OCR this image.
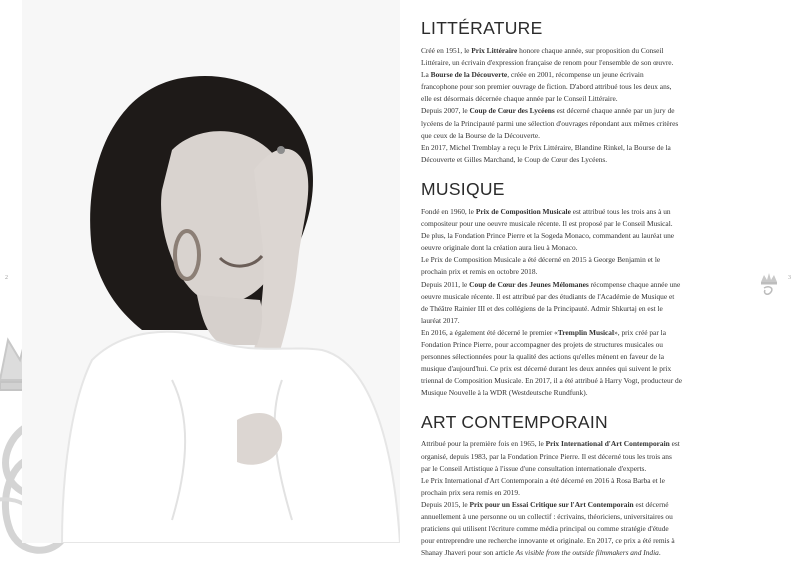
2	3
LITTÉRATURE

Créé en 1951, le Prix Littéraire honore chaque année, sur proposition du Conseil Littéraire, un écrivain d'expression française de renom pour l'ensemble de son œuvre.

La Bourse de la Découverte, créée en 2001, récompense un jeune écrivain francophone pour son premier ouvrage de fiction. D'abord attribué tous les deux ans, elle est désormais décernée chaque année par le Conseil Littéraire.

Depuis 2007, le Coup de Cœur des Lycéens est décerné chaque année par un jury de lycéens de la Principauté parmi une sélection d'ouvrages répondant aux mêmes critères que ceux de la Bourse de la Découverte.

En 2017, Michel Tremblay a reçu le Prix Littéraire, Blandine Rinkel, la Bourse de la Découverte et Gilles Marchand, le Coup de Cœur des Lycéens.

MUSIQUE

Fondé en 1960, le Prix de Composition Musicale est attribué tous les trois ans à un compositeur pour une oeuvre musicale récente. Il est proposé par le Conseil Musical. De plus, la Fondation Prince Pierre et la Sogeda Monaco, commandent au lauréat une oeuvre originale dont la création aura lieu à Monaco.

Le Prix de Composition Musicale a été décerné en 2015 à George Benjamin et le prochain prix et remis en octobre 2018.

Depuis 2011, le Coup de Cœur des Jeunes Mélomanes récompense chaque année une oeuvre musicale récente. Il est attribué par des étudiants de l'Académie de Musique et de Théâtre Rainier III et des collégiens de la Principauté. Admir Shkurtaj en est le lauréat 2017.

En 2016, a également été décerné le premier «Tremplin Musical», prix créé par la Fondation Prince Pierre, pour accompagner des projets de structures musicales ou personnes sélectionnées pour la qualité des actions qu'elles mènent en faveur de la musique d'aujourd'hui. Ce prix est décerné durant les deux années qui suivent le prix triennal de Composition Musicale. En 2017, il a été attribué à Harry Vogt, producteur de Musique Nouvelle à la WDR (Westdeutsche Rundfunk).

ART CONTEMPORAIN

Attribué pour la première fois en 1965, le Prix International d'Art Contemporain est organisé, depuis 1983, par la Fondation Prince Pierre. Il est décerné tous les trois ans par le Conseil Artistique à l'issue d'une consultation internationale d'experts.

Le Prix International d'Art Contemporain a été décerné en 2016 à Rosa Barba et le prochain prix sera remis en 2019.

Depuis 2015, le Prix pour un Essai Critique sur l'Art Contemporain est décerné annuellement à une personne ou un collectif : écrivains, théoriciens, universitaires ou praticiens qui utilisent l'écriture comme média principal ou comme stratégie d'étude pour entreprendre une recherche innovante et originale. En 2017, ce prix a été remis à Shanay Jhaveri pour son article As visible from the outside filmmakers and India.
